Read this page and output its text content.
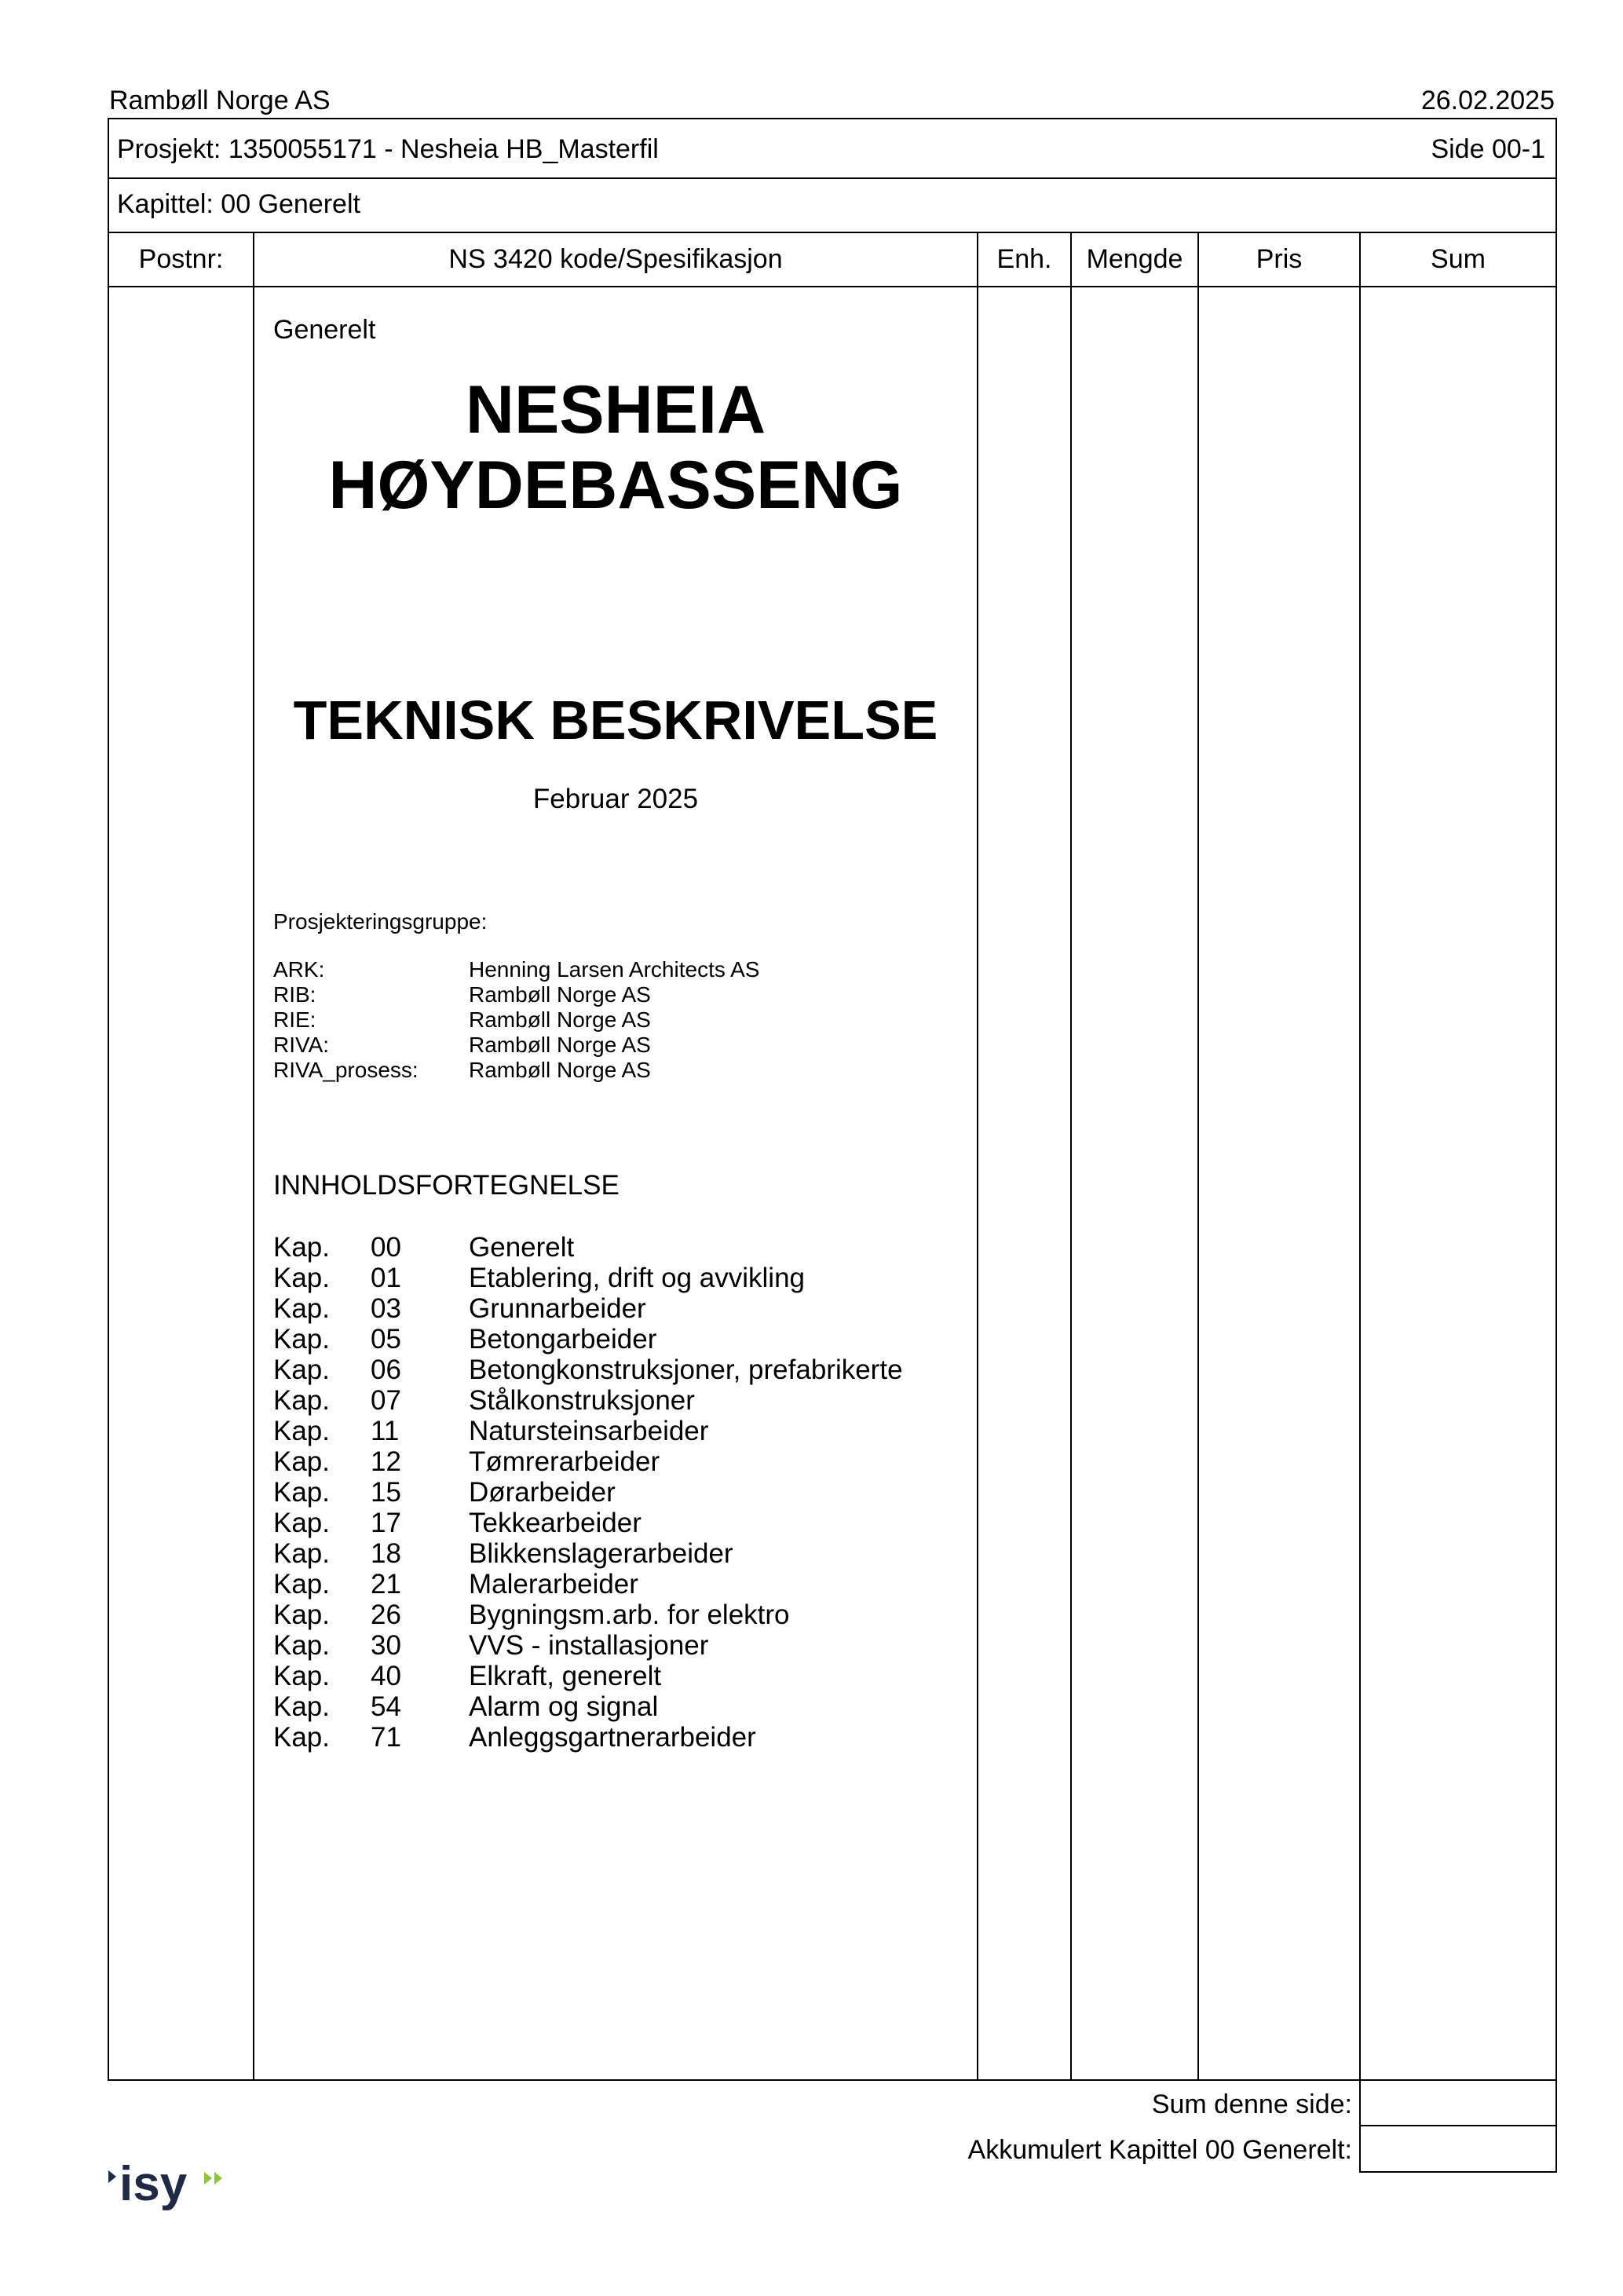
Rambøll Norge AS	26.02.2025
Prosjekt: 1350055171 - Nesheia HB_Masterfil	Side 00-1
Kapittel: 00 Generelt
Postnr:	NS 3420 kode/Spesifikasjon	Enh.	Mengde	Pris	Sum
Generelt
NESHEIA
HØYDEBASSENG
TEKNISK BESKRIVELSE
Februar 2025
Prosjekteringsgruppe:
ARK:	Henning Larsen Architects AS
RIB:	Rambøll Norge AS
RIE:	Rambøll Norge AS
RIVA:	Rambøll Norge AS
RIVA_prosess: Rambøll Norge AS
INNHOLDSFORTEGNELSE
Kap. 00 Generelt
Kap. 01 Etablering, drift og avvikling
Kap. 03 Grunnarbeider
Kap. 05 Betongarbeider
Kap. 06 Betongkonstruksjoner, prefabrikerte
Kap. 07 Stålkonstruksjoner
Kap. 11	Natursteinsarbeider
Kap. 12 Tømrerarbeider
Kap. 15 Dørarbeider
Kap. 17 Tekkearbeider
Kap. 18 Blikkenslagerarbeider
Kap. 21 Malerarbeider
Kap. 26 Bygningsm.arb. for elektro
Kap. 30 VVS - installasjoner
Kap. 40 Elkraft, generelt
Kap. 54 Alarm og signal
Kap. 71 Anleggsgartnerarbeider
Sum denne side:
Akkumulert Kapittel 00 Generelt:
isy
